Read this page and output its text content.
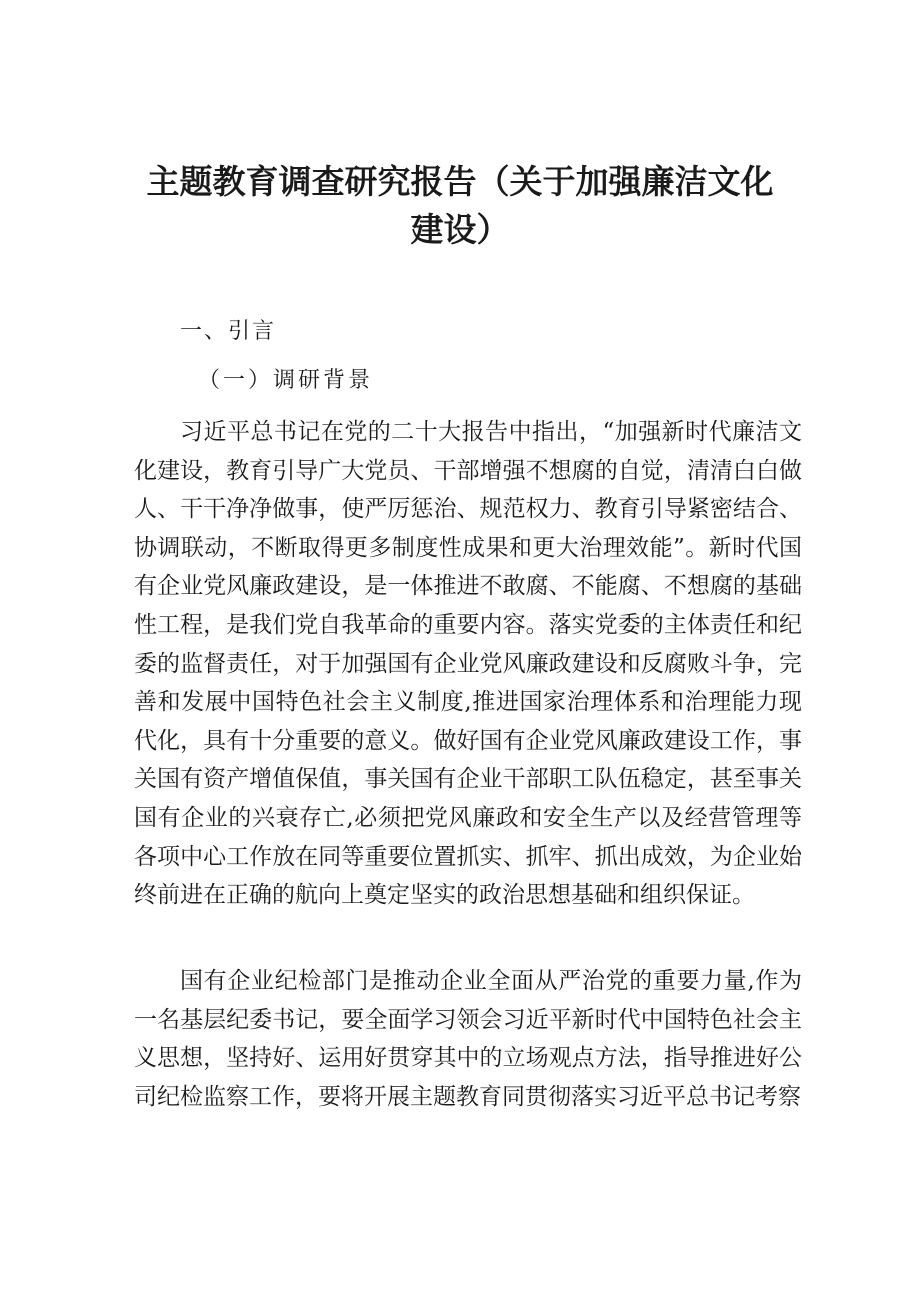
主题教育调查研究报告（关于加强廉洁文化建设）

一、引言

（一）调研背景

习近平总书记在党的二十大报告中指出，“加强新时代廉洁文化建设，教育引导广大党员、干部增强不想腐的自觉，清清白白做人、干干净净做事，使严厉惩治、规范权力、教育引导紧密结合、协调联动，不断取得更多制度性成果和更大治理效能”。新时代国有企业党风廉政建设，是一体推进不敢腐、不能腐、不想腐的基础性工程，是我们党自我革命的重要内容。落实党委的主体责任和纪委的监督责任，对于加强国有企业党风廉政建设和反腐败斗争，完善和发展中国特色社会主义制度,推进国家治理体系和治理能力现代化，具有十分重要的意义。做好国有企业党风廉政建设工作，事关国有资产增值保值，事关国有企业干部职工队伍稳定，甚至事关国有企业的兴衰存亡,必须把党风廉政和安全生产以及经营管理等各项中心工作放在同等重要位置抓实、抓牢、抓出成效，为企业始终前进在正确的航向上奠定坚实的政治思想基础和组织保证。

国有企业纪检部门是推动企业全面从严治党的重要力量,作为一名基层纪委书记，要全面学习领会习近平新时代中国特色社会主义思想，坚持好、运用好贯穿其中的立场观点方法，指导推进好公司纪检监察工作，要将开展主题教育同贯彻落实习近平总书记考察
